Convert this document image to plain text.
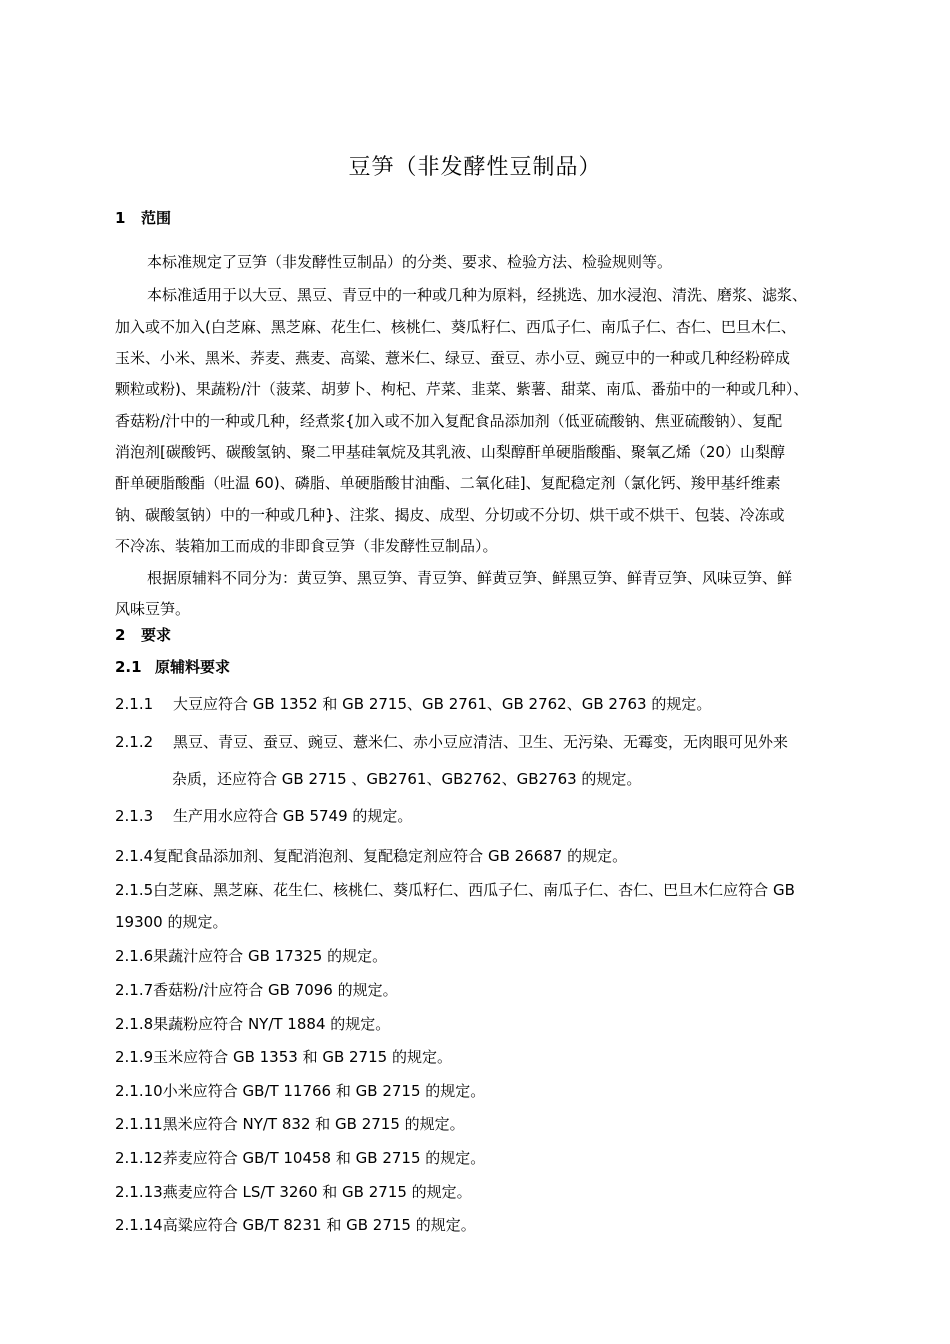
豆笋（非发酵性豆制品）
1 范围
本标准规定了豆笋（非发酵性豆制品）的分类、要求、检验方法、检验规则等。
本标准适用于以大豆、黑豆、青豆中的一种或几种为原料，经挑选、加水浸泡、清洗、磨浆、滤浆、
加入或不加入(白芝麻、黑芝麻、花生仁、核桃仁、葵瓜籽仁、西瓜子仁、南瓜子仁、杏仁、巴旦木仁、
玉米、小米、黑米、荞麦、燕麦、高粱、薏米仁、绿豆、蚕豆、赤小豆、豌豆中的一种或几种经粉碎成
颗粒或粉)、果蔬粉/汁（菠菜、胡萝卜、枸杞、芹菜、韭菜、紫薯、甜菜、南瓜、番茄中的一种或几种）、
香菇粉/汁中的一种或几种，经煮浆{加入或不加入复配食品添加剂（低亚硫酸钠、焦亚硫酸钠）、复配
消泡剂[碳酸钙、碳酸氢钠、聚二甲基硅氧烷及其乳液、山梨醇酐单硬脂酸酯、聚氧乙烯（20）山梨醇
酐单硬脂酸酯（吐温 60)、磷脂、单硬脂酸甘油酯、二氧化硅]、复配稳定剂（氯化钙、羧甲基纤维素
钠、碳酸氢钠）中的一种或几种}、注浆、揭皮、成型、分切或不分切、烘干或不烘干、包装、冷冻或
不冷冻、装箱加工而成的非即食豆笋（非发酵性豆制品）。
根据原辅料不同分为：黄豆笋、黑豆笋、青豆笋、鲜黄豆笋、鲜黑豆笋、鲜青豆笋、风味豆笋、鲜
风味豆笋。
2 要求
2.1 原辅料要求
2.1.1 大豆应符合 GB 1352 和 GB 2715、GB 2761、GB 2762、GB 2763 的规定。
2.1.2 黑豆、青豆、蚕豆、豌豆、薏米仁、赤小豆应清洁、卫生、无污染、无霉变，无肉眼可见外来
杂质，还应符合 GB 2715 、GB2761、GB2762、GB2763 的规定。
2.1.3 生产用水应符合 GB 5749 的规定。
2.1.4复配食品添加剂、复配消泡剂、复配稳定剂应符合 GB 26687 的规定。
2.1.5白芝麻、黑芝麻、花生仁、核桃仁、葵瓜籽仁、西瓜子仁、南瓜子仁、杏仁、巴旦木仁应符合 GB
19300 的规定。
2.1.6果蔬汁应符合 GB 17325 的规定。
2.1.7香菇粉/汁应符合 GB 7096 的规定。
2.1.8果蔬粉应符合 NY/T 1884 的规定。
2.1.9玉米应符合 GB 1353 和 GB 2715 的规定。
2.1.10小米应符合 GB/T 11766 和 GB 2715 的规定。
2.1.11黑米应符合 NY/T 832 和 GB 2715 的规定。
2.1.12荞麦应符合 GB/T 10458 和 GB 2715 的规定。
2.1.13燕麦应符合 LS/T 3260 和 GB 2715 的规定。
2.1.14高粱应符合 GB/T 8231 和 GB 2715 的规定。
